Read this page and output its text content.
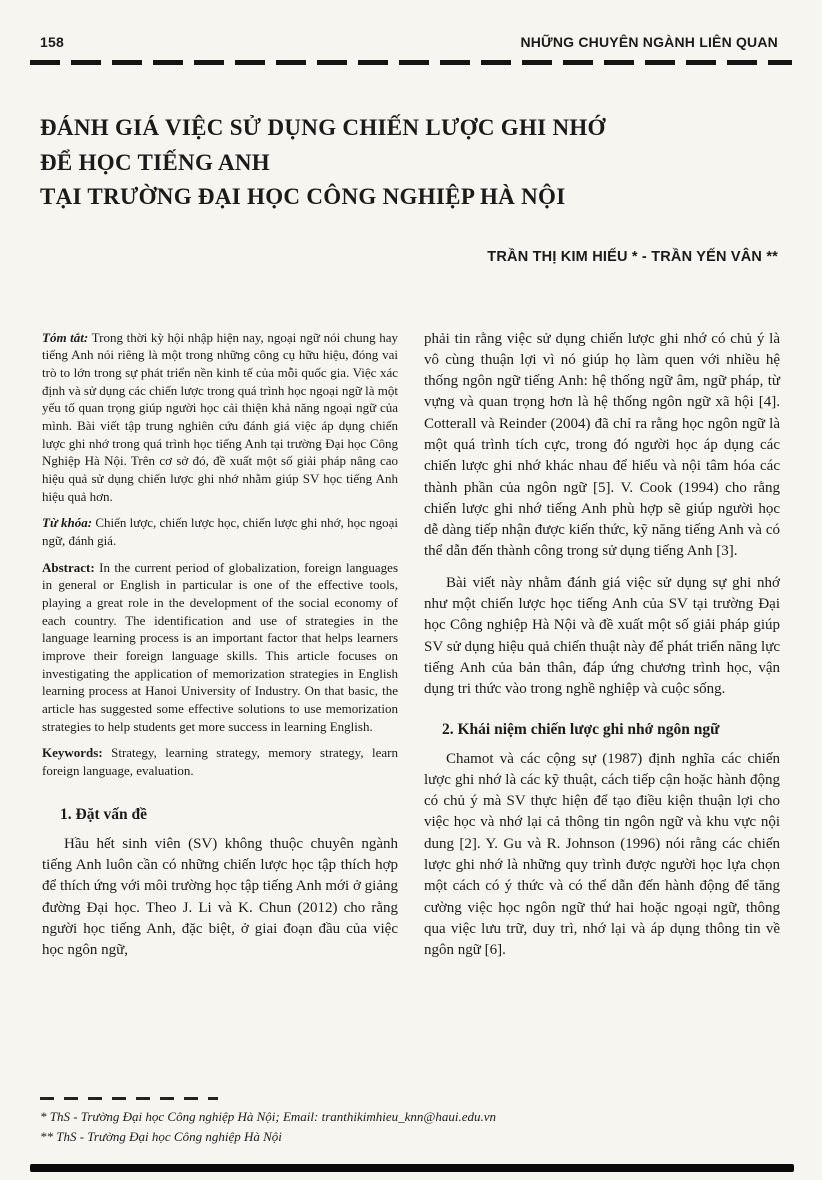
158	NHỮNG CHUYÊN NGÀNH LIÊN QUAN
ĐÁNH GIÁ VIỆC SỬ DỤNG CHIẾN LƯỢC GHI NHỚ
ĐỂ HỌC TIẾNG ANH
TẠI TRƯỜNG ĐẠI HỌC CÔNG NGHIỆP HÀ NỘI
TRẦN THỊ KIM HIẾU * - TRẦN YẾN VÂN **

Tóm tắt: Trong thời kỳ hội nhập hiện nay, ngoại ngữ nói chung hay tiếng Anh nói riêng là một trong những công cụ hữu hiệu, đóng vai trò to lớn trong sự phát triển nền kinh tế của mỗi quốc gia. Việc xác định và sử dụng các chiến lược trong quá trình học ngoại ngữ là một yếu tố quan trọng giúp người học cải thiện khả năng ngoại ngữ của mình. Bài viết tập trung nghiên cứu đánh giá việc áp dụng chiến lược ghi nhớ trong quá trình học tiếng Anh tại trường Đại học Công Nghiệp Hà Nội. Trên cơ sở đó, đề xuất một số giải pháp nâng cao hiệu quả sử dụng chiến lược ghi nhớ nhằm giúp SV học tiếng Anh hiệu quả hơn.

Từ khóa: Chiến lược, chiến lược học, chiến lược ghi nhớ, học ngoại ngữ, đánh giá.

Abstract: In the current period of globalization, foreign languages in general or English in particular is one of the effective tools, playing a great role in the development of the social economy of each country. The identification and use of strategies in the language learning process is an important factor that helps learners improve their foreign language skills. This article focuses on investigating the application of memorization strategies in English learning process at Hanoi University of Industry. On that basic, the article has suggested some effective solutions to use memorization strategies to help students get more success in learning English.

Keywords: Strategy, learning strategy, memory strategy, learn foreign language, evaluation.

1. Đặt vấn đề

Hầu hết sinh viên (SV) không thuộc chuyên ngành tiếng Anh luôn cần có những chiến lược học tập thích hợp để thích ứng với môi trường học tập tiếng Anh mới ở giảng đường Đại học. Theo J. Li và K. Chun (2012) cho rằng người học tiếng Anh, đặc biệt, ở giai đoạn đầu của việc học ngôn ngữ,

phải tin rằng việc sử dụng chiến lược ghi nhớ có chủ ý là vô cùng thuận lợi vì nó giúp họ làm quen với nhiều hệ thống ngôn ngữ tiếng Anh: hệ thống ngữ âm, ngữ pháp, từ vựng và quan trọng hơn là hệ thống ngôn ngữ xã hội [4]. Cotterall và Reinder (2004) đã chỉ ra rằng học ngôn ngữ là một quá trình tích cực, trong đó người học áp dụng các chiến lược ghi nhớ khác nhau để hiểu và nội tâm hóa các thành phần của ngôn ngữ [5]. V. Cook (1994) cho rằng chiến lược ghi nhớ tiếng Anh phù hợp sẽ giúp người học dễ dàng tiếp nhận được kiến thức, kỹ năng tiếng Anh và có thể dẫn đến thành công trong sử dụng tiếng Anh [3].

Bài viết này nhằm đánh giá việc sử dụng sự ghi nhớ như một chiến lược học tiếng Anh của SV tại trường Đại học Công nghiệp Hà Nội và đề xuất một số giải pháp giúp SV sử dụng hiệu quả chiến thuật này để phát triển năng lực tiếng Anh của bản thân, đáp ứng chương trình học, vận dụng tri thức vào trong nghề nghiệp và cuộc sống.

2. Khái niệm chiến lược ghi nhớ ngôn ngữ

Chamot và các cộng sự (1987) định nghĩa các chiến lược ghi nhớ là các kỹ thuật, cách tiếp cận hoặc hành động có chủ ý mà SV thực hiện để tạo điều kiện thuận lợi cho việc học và nhớ lại cả thông tin ngôn ngữ và khu vực nội dung [2]. Y. Gu và R. Johnson (1996) nói rằng các chiến lược ghi nhớ là những quy trình được người học lựa chọn một cách có ý thức và có thể dẫn đến hành động để tăng cường việc học ngôn ngữ thứ hai hoặc ngoại ngữ, thông qua việc lưu trữ, duy trì, nhớ lại và áp dụng thông tin về ngôn ngữ [6].

* ThS - Trường Đại học Công nghiệp Hà Nội; Email: tranthikimhieu_knn@haui.edu.vn
** ThS - Trường Đại học Công nghiệp Hà Nội
